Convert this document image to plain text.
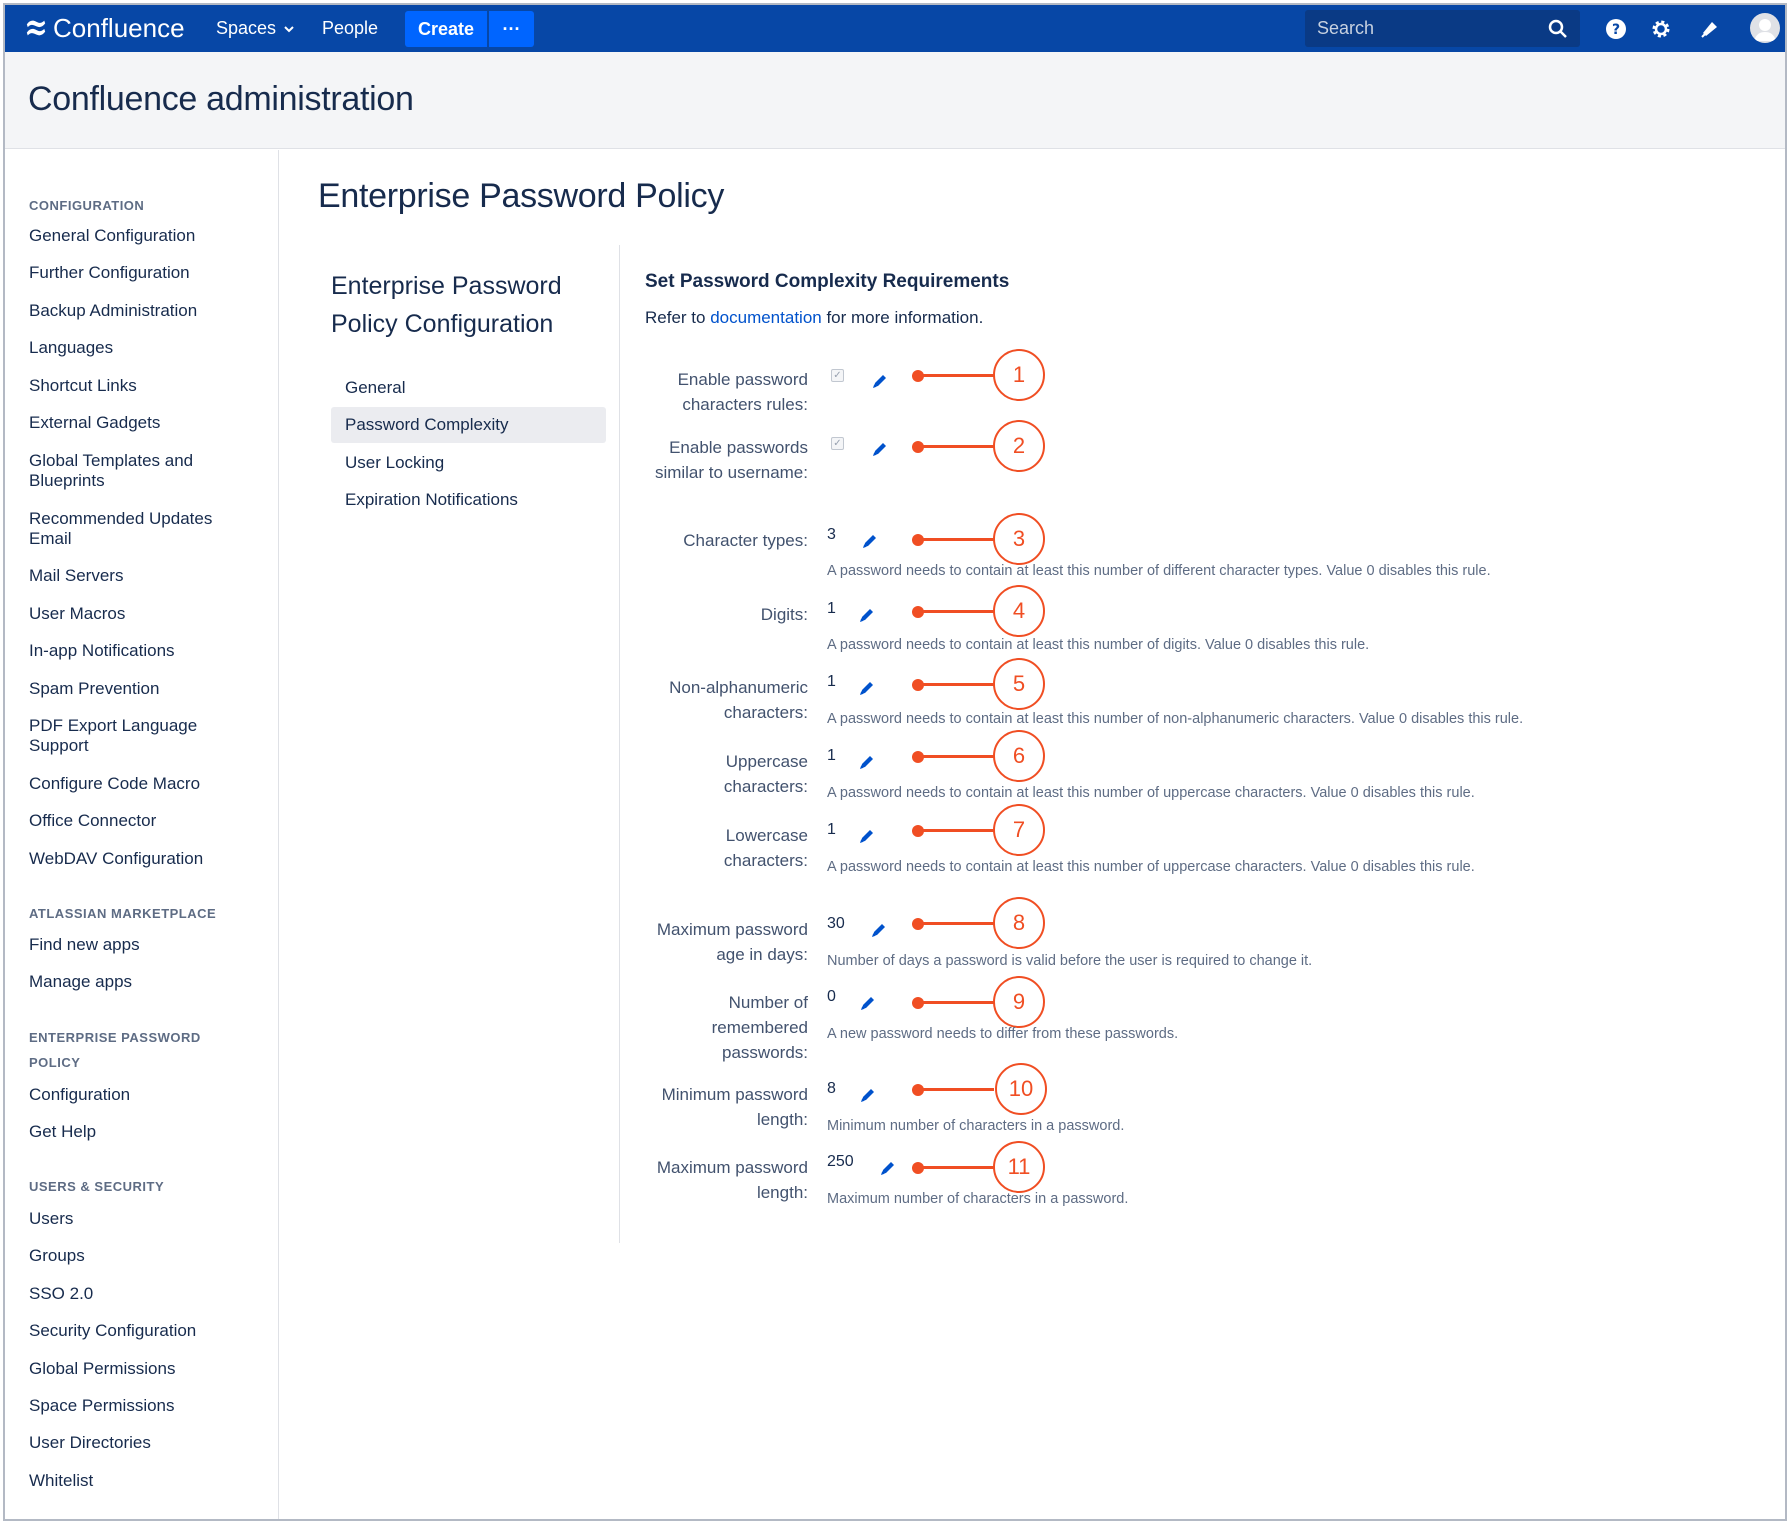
Confluence Spaces	People	Create	···	Search	?
Confluence administration
CONFIGURATION
General Configuration
Further Configuration
Backup Administration
Languages
Shortcut Links
External Gadgets
Global Templates and Blueprints
Recommended Updates Email
Mail Servers
User Macros
In-app Notifications
Spam Prevention
PDF Export Language Support
Configure Code Macro
Office Connector
WebDAV Configuration
ATLASSIAN MARKETPLACE
Find new apps
Manage apps
ENTERPRISE PASSWORD POLICY
Configuration
Get Help
USERS & SECURITY
Users
Groups
SSO 2.0
Security Configuration
Global Permissions
Space Permissions
User Directories
Whitelist
Enterprise Password Policy
Enterprise Password Policy Configuration
General
Password Complexity
User Locking
Expiration Notifications
Set Password Complexity Requirements
Refer to documentation for more information.
Enable password characters rules:
✓	1
Enable passwords similar to username:
✓	2
Character types: 3	3
A password needs to contain at least this number of different character types. Value 0 disables this rule.
Digits: 1	4
A password needs to contain at least this number of digits. Value 0 disables this rule.
Non-alphanumeric characters:
1	5
A password needs to contain at least this number of non-alphanumeric characters. Value 0 disables this rule.
Uppercase characters:
1	6
A password needs to contain at least this number of uppercase characters. Value 0 disables this rule.
Lowercase characters:
1	7
A password needs to contain at least this number of uppercase characters. Value 0 disables this rule.
Maximum password age in days:
30	8
Number of days a password is valid before the user is required to change it.
Number of remembered passwords:
0	9
A new password needs to differ from these passwords.
Minimum password length:
8	10
Minimum number of characters in a password.
Maximum password length:
250	11
Maximum number of characters in a password.
